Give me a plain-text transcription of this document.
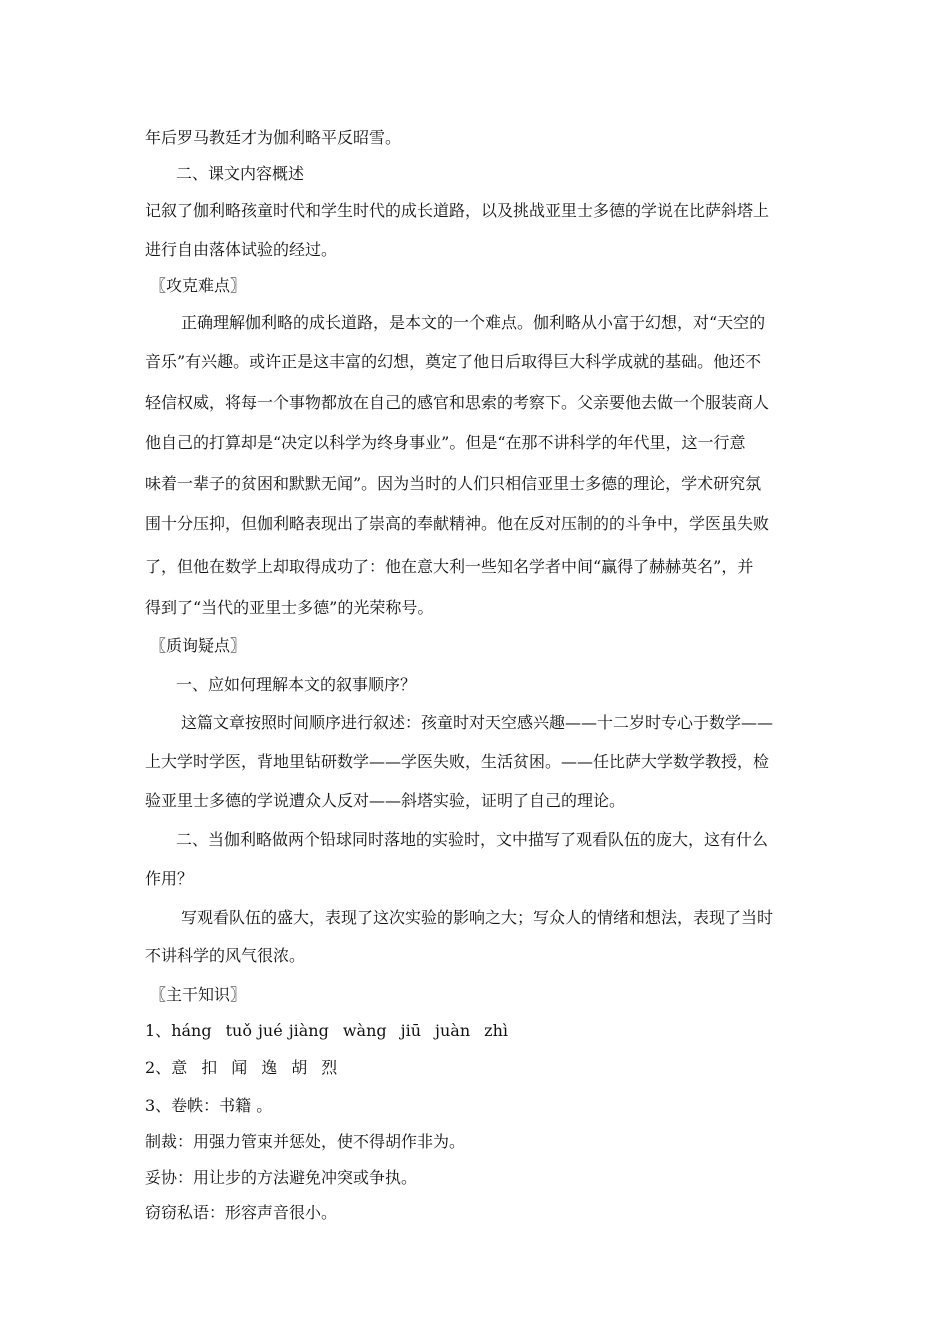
年后罗马教廷才为伽利略平反昭雪。
二、课文内容概述
记叙了伽利略孩童时代和学生时代的成长道路，以及挑战亚里士多德的学说在比萨斜塔上
进行自由落体试验的经过。
〖攻克难点〗
正确理解伽利略的成长道路，是本文的一个难点。伽利略从小富于幻想，对“天空的
音乐”有兴趣。或许正是这丰富的幻想，奠定了他日后取得巨大科学成就的基础。他还不
轻信权威，将每一个事物都放在自己的感官和思索的考察下。父亲要他去做一个服装商人
他自己的打算却是“决定以科学为终身事业”。但是“在那不讲科学的年代里，这一行意
味着一辈子的贫困和默默无闻”。因为当时的人们只相信亚里士多德的理论，学术研究氛
围十分压抑，但伽利略表现出了崇高的奉献精神。他在反对压制的的斗争中，学医虽失败
了，但他在数学上却取得成功了：他在意大利一些知名学者中间“赢得了赫赫英名”，并
得到了“当代的亚里士多德”的光荣称号。
〖质询疑点〗
一、应如何理解本文的叙事顺序？
这篇文章按照时间顺序进行叙述：孩童时对天空感兴趣——十二岁时专心于数学——
上大学时学医，背地里钻研数学——学医失败，生活贫困。——任比萨大学数学教授，检
验亚里士多德的学说遭众人反对——斜塔实验，证明了自己的理论。
二、当伽利略做两个铅球同时落地的实验时，文中描写了观看队伍的庞大，这有什么
作用？
写观看队伍的盛大，表现了这次实验的影响之大；写众人的情绪和想法，表现了当时
不讲科学的风气很浓。
〖主干知识〗
1、háng tuǒ jué jiàng wàng jiū juàn zhì
2、意 扣 闻 逸 胡 烈
3、卷帙：书籍 。
制裁：用强力管束并惩处，使不得胡作非为。
妥协：用让步的方法避免冲突或争执。
窃窃私语：形容声音很小。
